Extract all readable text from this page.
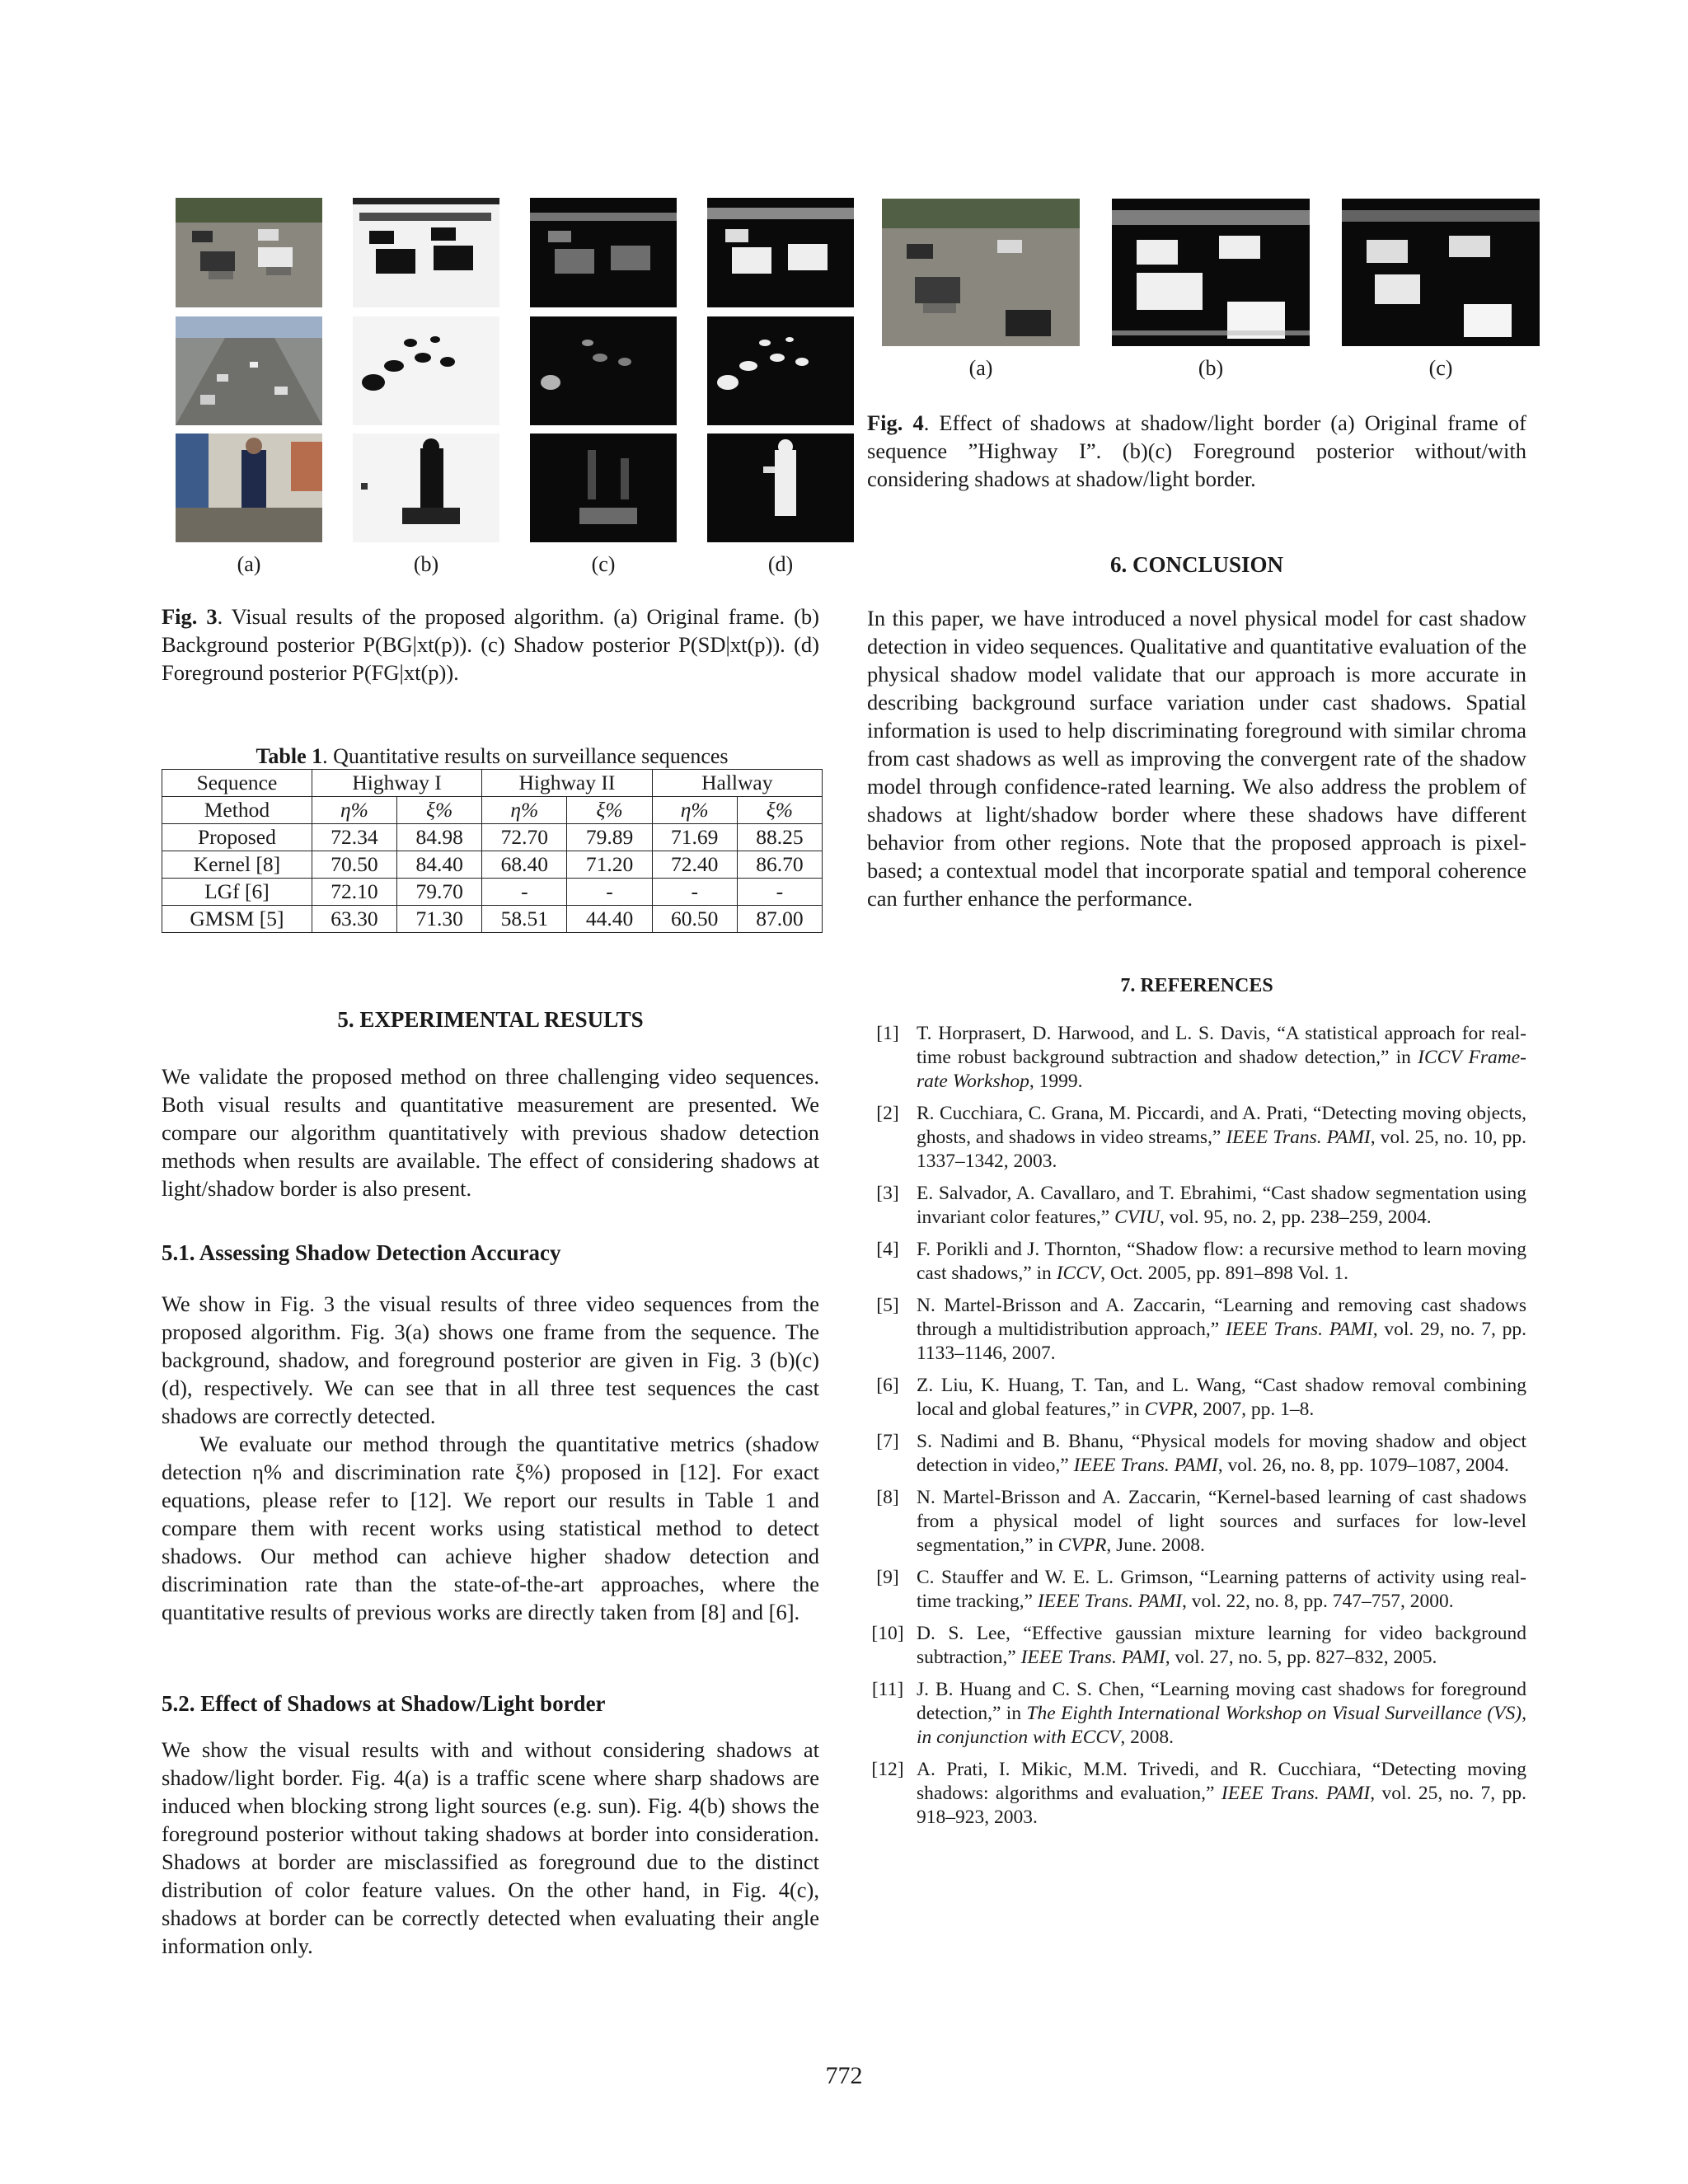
(a)	(b)	(c)	(d)

Fig. 3. Visual results of the proposed algorithm. (a) Original frame. (b) Background posterior P(BG|xt(p)). (c) Shadow posterior P(SD|xt(p)). (d) Foreground posterior P(FG|xt(p)).

Table 1. Quantitative results on surveillance sequences
Sequence	Highway I		Highway II		Hallway	
Method	η%	ξ%	η%	ξ%	η%	ξ%
Proposed	72.34	84.98	72.70	79.89	71.69	88.25
Kernel [8]	70.50	84.40	68.40	71.20	72.40	86.70
LGf [6]	72.10	79.70	-	-	-	-
GMSM [5]	63.30	71.30	58.51	44.40	60.50	87.00
5. EXPERIMENTAL RESULTS

We validate the proposed method on three challenging video sequences. Both visual results and quantitative measurement are presented. We compare our algorithm quantitatively with previous shadow detection methods when results are available. The effect of considering shadows at light/shadow border is also present.

5.1. Assessing Shadow Detection Accuracy

We show in Fig. 3 the visual results of three video sequences from the proposed algorithm. Fig. 3(a) shows one frame from the sequence. The background, shadow, and foreground posterior are given in Fig. 3 (b)(c)(d), respectively. We can see that in all three test sequences the cast shadows are correctly detected.

We evaluate our method through the quantitative metrics (shadow detection η% and discrimination rate ξ%) proposed in [12]. For exact equations, please refer to [12]. We report our results in Table 1 and compare them with recent works using statistical method to detect shadows. Our method can achieve higher shadow detection and discrimination rate than the state-of-the-art approaches, where the quantitative results of previous works are directly taken from [8] and [6].

5.2. Effect of Shadows at Shadow/Light border

We show the visual results with and without considering shadows at shadow/light border. Fig. 4(a) is a traffic scene where sharp shadows are induced when blocking strong light sources (e.g. sun). Fig. 4(b) shows the foreground posterior without taking shadows at border into consideration. Shadows at border are misclassified as foreground due to the distinct distribution of color feature values. On the other hand, in Fig. 4(c), shadows at border can be correctly detected when evaluating their angle information only.

(a)	(b)	(c)

Fig. 4. Effect of shadows at shadow/light border (a) Original frame of sequence ”Highway I”. (b)(c) Foreground posterior without/with considering shadows at shadow/light border.

6. CONCLUSION

In this paper, we have introduced a novel physical model for cast shadow detection in video sequences. Qualitative and quantitative evaluation of the physical shadow model validate that our approach is more accurate in describing background surface variation under cast shadows. Spatial information is used to help discriminating foreground with similar chroma from cast shadows as well as improving the convergent rate of the shadow model through confidence-rated learning. We also address the problem of shadows at light/shadow border where these shadows have different behavior from other regions. Note that the proposed approach is pixel-based; a contextual model that incorporate spatial and temporal coherence can further enhance the performance.

7. REFERENCES
[1] T. Horprasert, D. Harwood, and L. S. Davis, “A statistical approach for real-time robust background subtraction and shadow detection,” in ICCV Frame-rate Workshop, 1999.
[2] R. Cucchiara, C. Grana, M. Piccardi, and A. Prati, “Detecting moving objects, ghosts, and shadows in video streams,” IEEE Trans. PAMI, vol. 25, no. 10, pp. 1337–1342, 2003.
[3] E. Salvador, A. Cavallaro, and T. Ebrahimi, “Cast shadow segmentation using invariant color features,” CVIU, vol. 95, no. 2, pp. 238–259, 2004.
[4] F. Porikli and J. Thornton, “Shadow flow: a recursive method to learn moving cast shadows,” in ICCV, Oct. 2005, pp. 891–898 Vol. 1.
[5] N. Martel-Brisson and A. Zaccarin, “Learning and removing cast shadows through a multidistribution approach,” IEEE Trans. PAMI, vol. 29, no. 7, pp. 1133–1146, 2007.
[6] Z. Liu, K. Huang, T. Tan, and L. Wang, “Cast shadow removal combining local and global features,” in CVPR, 2007, pp. 1–8.
[7] S. Nadimi and B. Bhanu, “Physical models for moving shadow and object detection in video,” IEEE Trans. PAMI, vol. 26, no. 8, pp. 1079–1087, 2004.
[8] N. Martel-Brisson and A. Zaccarin, “Kernel-based learning of cast shadows from a physical model of light sources and surfaces for low-level segmentation,” in CVPR, June. 2008.
[9] C. Stauffer and W. E. L. Grimson, “Learning patterns of activity using real-time tracking,” IEEE Trans. PAMI, vol. 22, no. 8, pp. 747–757, 2000.
[10] D. S. Lee, “Effective gaussian mixture learning for video background subtraction,” IEEE Trans. PAMI, vol. 27, no. 5, pp. 827–832, 2005.
[11] J. B. Huang and C. S. Chen, “Learning moving cast shadows for foreground detection,” in The Eighth International Workshop on Visual Surveillance (VS), in conjunction with ECCV, 2008.
[12] A. Prati, I. Mikic, M.M. Trivedi, and R. Cucchiara, “Detecting moving shadows: algorithms and evaluation,” IEEE Trans. PAMI, vol. 25, no. 7, pp. 918–923, 2003.
772
